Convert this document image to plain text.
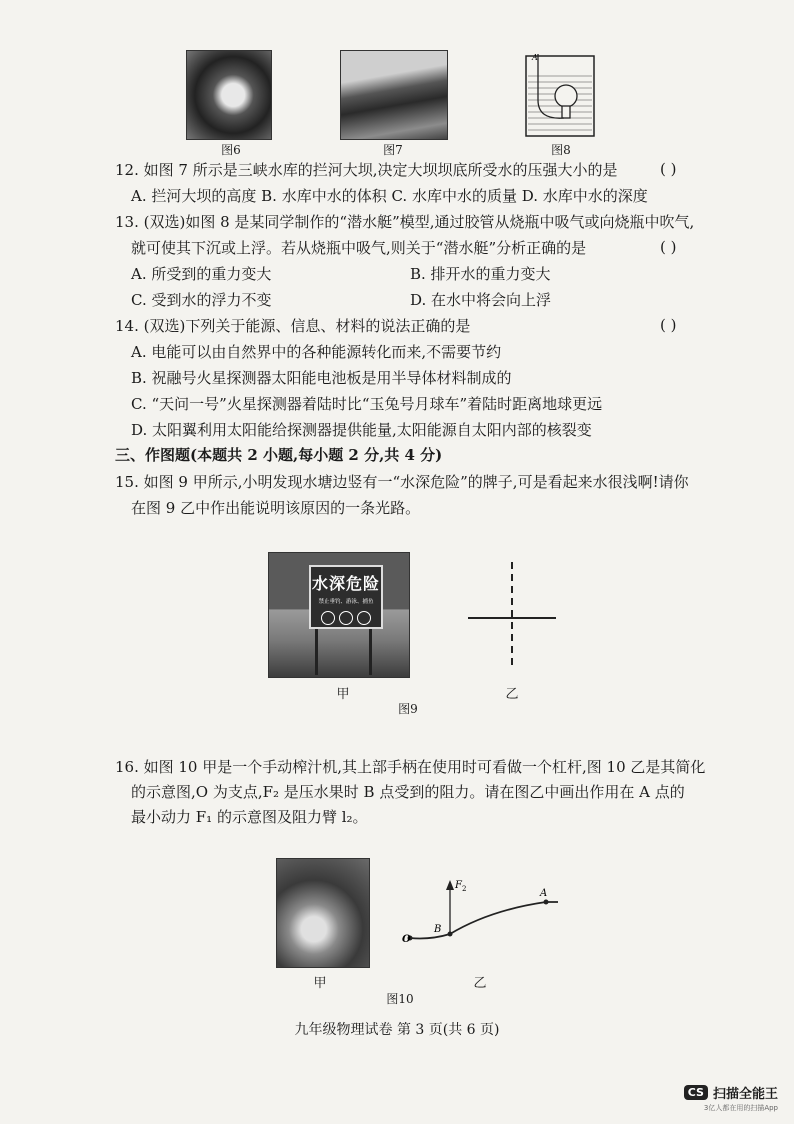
图6	图7
A
图8
12. 如图 7 所示是三峡水库的拦河大坝,决定大坝坝底所受水的压强大小的是	( )
A. 拦河大坝的高度 B. 水库中水的体积 C. 水库中水的质量 D. 水库中水的深度
13. (双选)如图 8 是某同学制作的“潜水艇”模型,通过胶管从烧瓶中吸气或向烧瓶中吹气,
就可使其下沉或上浮。若从烧瓶中吸气,则关于“潜水艇”分析正确的是	( )
A. 所受到的重力变大	B. 排开水的重力变大
C. 受到水的浮力不变	D. 在水中将会向上浮
14. (双选)下列关于能源、信息、材料的说法正确的是	( )
A. 电能可以由自然界中的各种能源转化而来,不需要节约
B. 祝融号火星探测器太阳能电池板是用半导体材料制成的
C. “天问一号”火星探测器着陆时比“玉兔号月球车”着陆时距离地球更远
D. 太阳翼利用太阳能给探测器提供能量,太阳能源自太阳内部的核裂变
三、作图题(本题共 2 小题,每小题 2 分,共 4 分)
15. 如图 9 甲所示,小明发现水塘边竖有一“水深危险”的牌子,可是看起来水很浅啊!请你
在图 9 乙中作出能说明该原因的一条光路。
水深危险
禁止垂钓、游泳、捕鱼
甲	乙
图9
16. 如图 10 甲是一个手动榨汁机,其上部手柄在使用时可看做一个杠杆,图 10 乙是其简化
的示意图,O 为支点,F₂ 是压水果时 B 点受到的阻力。请在图乙中画出作用在 A 点的
最小动力 F₁ 的示意图及阻力臂 l₂。
甲
O
B
A
F 2
乙
图10
九年级物理试卷 第 3 页(共 6 页)
CS 扫描全能王
3亿人都在用的扫描App
